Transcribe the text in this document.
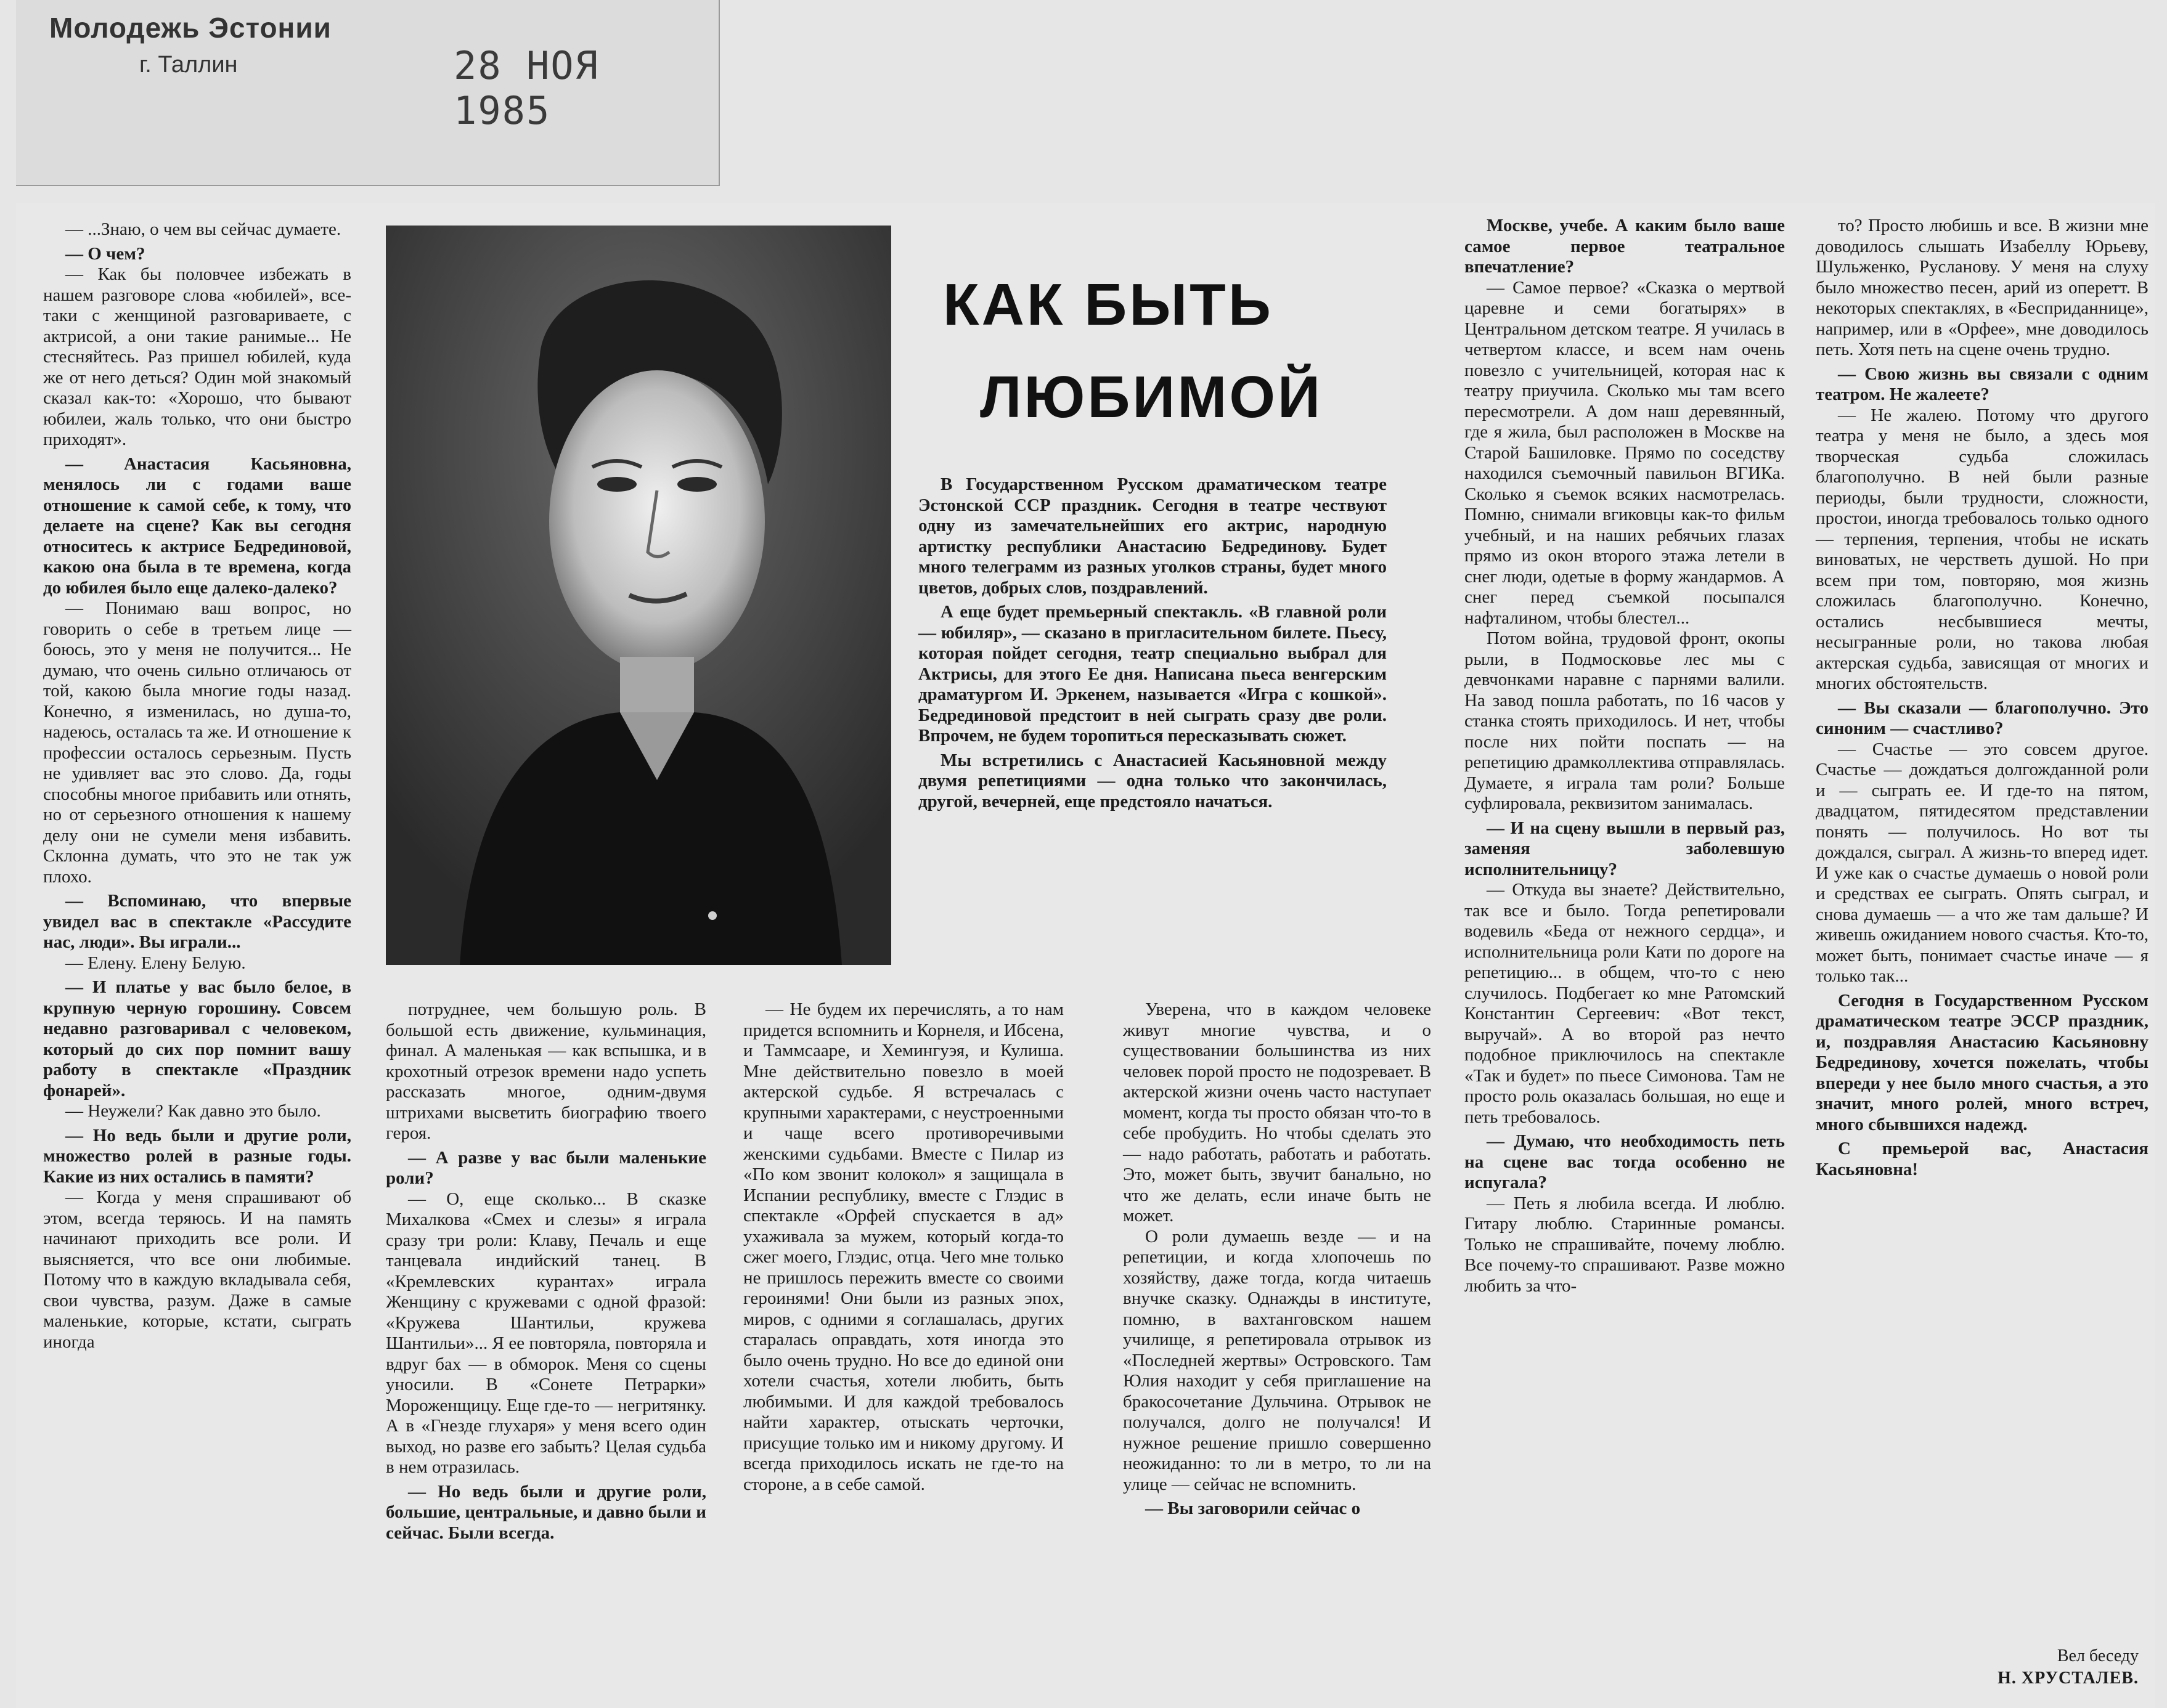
Молодежь Эстонии
г. Таллин	28 НОЯ 1985
КАК БЫТЬ
ЛЮБИМОЙ

В Государственном Русском драматическом театре Эстонской ССР праздник. Сегодня в театре чествуют одну из замечательнейших его актрис, народную артистку республики Анастасию Бедрединову. Будет много телеграмм из разных уголков страны, будет много цветов, добрых слов, поздравлений.

А еще будет премьерный спектакль. «В главной роли — юбиляр», — сказано в пригласительном билете. Пьесу, которая пойдет сегодня, театр специально выбрал для Актрисы, для этого Ее дня. Написана пьеса венгерским драматургом И. Эркенем, называется «Игра с кошкой». Бедрединовой предстоит в ней сыграть сразу две роли. Впрочем, не будем торопиться пересказывать сюжет.

Мы встретились с Анастасией Касьяновной между двумя репетициями — одна только что закончилась, другой, вечерней, еще предстояло начаться.

— ...Знаю, о чем вы сейчас думаете.

— О чем?

— Как бы половчее избежать в нашем разговоре слова «юбилей», все-таки с женщиной разговариваете, с актрисой, а они такие ранимые... Не стесняйтесь. Раз пришел юбилей, куда же от него деться? Один мой знакомый сказал как-то: «Хорошо, что бывают юбилеи, жаль только, что они быстро приходят».

— Анастасия Касьяновна, менялось ли с годами ваше отношение к самой себе, к тому, что делаете на сцене? Как вы сегодня относитесь к актрисе Бедрединовой, какою она была в те времена, когда до юбилея было еще далеко-далеко?

— Понимаю ваш вопрос, но говорить о себе в третьем лице — боюсь, это у меня не получится... Не думаю, что очень сильно отличаюсь от той, какою была многие годы назад. Конечно, я изменилась, но душа-то, надеюсь, осталась та же. И отношение к профессии осталось серьезным. Пусть не удивляет вас это слово. Да, годы способны многое прибавить или отнять, но от серьезного отношения к нашему делу они не сумели меня избавить. Склонна думать, что это не так уж плохо.

— Вспоминаю, что впервые увидел вас в спектакле «Рассудите нас, люди». Вы играли...

— Елену. Елену Белую.

— И платье у вас было белое, в крупную черную горошину. Совсем недавно разговаривал с человеком, который до сих пор помнит вашу работу в спектакле «Праздник фонарей».

— Неужели? Как давно это было.

— Но ведь были и другие роли, множество ролей в разные годы. Какие из них остались в памяти?

— Когда у меня спрашивают об этом, всегда теряюсь. И на память начинают приходить все роли. И выясняется, что все они любимые. Потому что в каждую вкладывала себя, свои чувства, разум. Даже в самые маленькие, которые, кстати, сыграть иногда

потруднее, чем большую роль. В большой есть движение, кульминация, финал. А маленькая — как вспышка, и в крохотный отрезок времени надо успеть рассказать многое, одним-двумя штрихами высветить биографию твоего героя.

— А разве у вас были маленькие роли?

— О, еще сколько... В сказке Михалкова «Смех и слезы» я играла сразу три роли: Клаву, Печаль и еще танцевала индийский танец. В «Кремлевских курантах» играла Женщину с кружевами с одной фразой: «Кружева Шантильи, кружева Шантильи»... Я ее повторяла, повторяла и вдруг бах — в обморок. Меня со сцены уносили. В «Сонете Петрарки» Мороженщицу. Еще где-то — негритянку. А в «Гнезде глухаря» у меня всего один выход, но разве его забыть? Целая судьба в нем отразилась.

— Но ведь были и другие роли, большие, центральные, и давно были и сейчас. Были всегда.

— Не будем их перечислять, а то нам придется вспомнить и Корнеля, и Ибсена, и Таммсааре, и Хемингуэя, и Кулиша. Мне действительно повезло в моей актерской судьбе. Я встречалась с крупными характерами, с неустроенными и чаще всего противоречивыми женскими судьбами. Вместе с Пилар из «По ком звонит колокол» я защищала в Испании республику, вместе с Глэдис в спектакле «Орфей спускается в ад» ухаживала за мужем, который когда-то сжег моего, Глэдис, отца. Чего мне только не пришлось пережить вместе со своими героинями! Они были из разных эпох, миров, с одними я соглашалась, других старалась оправдать, хотя иногда это было очень трудно. Но все до единой они хотели счастья, хотели любить, быть любимыми. И для каждой требовалось найти характер, отыскать черточки, присущие только им и никому другому. И всегда приходилось искать не где-то на стороне, а в себе самой.

Уверена, что в каждом человеке живут многие чувства, и о существовании большинства из них человек порой просто не подозревает. В актерской жизни очень часто наступает момент, когда ты просто обязан что-то в себе пробудить. Но чтобы сделать это — надо работать, работать и работать. Это, может быть, звучит банально, но что же делать, если иначе быть не может.

О роли думаешь везде — и на репетиции, и когда хлопочешь по хозяйству, даже тогда, когда читаешь внучке сказку. Однажды в институте, помню, в вахтанговском нашем училище, я репетировала отрывок из «Последней жертвы» Островского. Там Юлия находит у себя приглашение на бракосочетание Дульчина. Отрывок не получался, долго не получался! И нужное решение пришло совершенно неожиданно: то ли в метро, то ли на улице — сейчас не вспомнить.

— Вы заговорили сейчас о

Москве, учебе. А каким было ваше самое первое театральное впечатление?

— Самое первое? «Сказка о мертвой царевне и семи богатырях» в Центральном детском театре. Я училась в четвертом классе, и всем нам очень повезло с учительницей, которая нас к театру приучила. Сколько мы там всего пересмотрели. А дом наш деревянный, где я жила, был расположен в Москве на Старой Башиловке. Прямо по соседству находился съемочный павильон ВГИКа. Сколько я съемок всяких насмотрелась. Помню, снимали вгиковцы как-то фильм учебный, и на наших ребячьих глазах прямо из окон второго этажа летели в снег люди, одетые в форму жандармов. А снег перед съемкой посыпался нафталином, чтобы блестел...

Потом война, трудовой фронт, окопы рыли, в Подмосковье лес мы с девчонками наравне с парнями валили. На завод пошла работать, по 16 часов у станка стоять приходилось. И нет, чтобы после них пойти поспать — на репетицию драмколлектива отправлялась. Думаете, я играла там роли? Больше суфлировала, реквизитом занималась.

— И на сцену вышли в первый раз, заменяя заболевшую исполнительницу?

— Откуда вы знаете? Действительно, так все и было. Тогда репетировали водевиль «Беда от нежного сердца», и исполнительница роли Кати по дороге на репетицию... в общем, что-то с нею случилось. Подбегает ко мне Ратомский Константин Сергеевич: «Вот текст, выручай». А во второй раз нечто подобное приключилось на спектакле «Так и будет» по пьесе Симонова. Там не просто роль оказалась большая, но еще и петь требовалось.

— Думаю, что необходимость петь на сцене вас тогда особенно не испугала?

— Петь я любила всегда. И люблю. Гитару люблю. Старинные романсы. Только не спрашивайте, почему люблю. Все почему-то спрашивают. Разве можно любить за что-

то? Просто любишь и все. В жизни мне доводилось слышать Изабеллу Юрьеву, Шульженко, Русланову. У меня на слуху было множество песен, арий из оперетт. В некоторых спектаклях, в «Бесприданнице», например, или в «Орфее», мне доводилось петь. Хотя петь на сцене очень трудно.

— Свою жизнь вы связали с одним театром. Не жалеете?

— Не жалею. Потому что другого театра у меня не было, а здесь моя творческая судьба сложилась благополучно. В ней были разные периоды, были трудности, сложности, простои, иногда требовалось только одного — терпения, терпения, чтобы не искать виноватых, не черстветь душой. Но при всем при том, повторяю, моя жизнь сложилась благополучно. Конечно, остались несбывшиеся мечты, несыгранные роли, но такова любая актерская судьба, зависящая от многих и многих обстоятельств.

— Вы сказали — благополучно. Это синоним — счастливо?

— Счастье — это совсем другое. Счастье — дождаться долгожданной роли и — сыграть ее. И где-то на пятом, двадцатом, пятидесятом представлении понять — получилось. Но вот ты дождался, сыграл. А жизнь-то вперед идет. И уже как о счастье думаешь о новой роли и средствах ее сыграть. Опять сыграл, и снова думаешь — а что же там дальше? И живешь ожиданием нового счастья. Кто-то, может быть, понимает счастье иначе — я только так...

Сегодня в Государственном Русском драматическом театре ЭССР праздник, и, поздравляя Анастасию Касьяновну Бедрединову, хочется пожелать, чтобы впереди у нее было много счастья, а это значит, много ролей, много встреч, много сбывшихся надежд.

С премьерой вас, Анастасия Касьяновна!

Вел беседу
Н. ХРУСТАЛЕВ.
